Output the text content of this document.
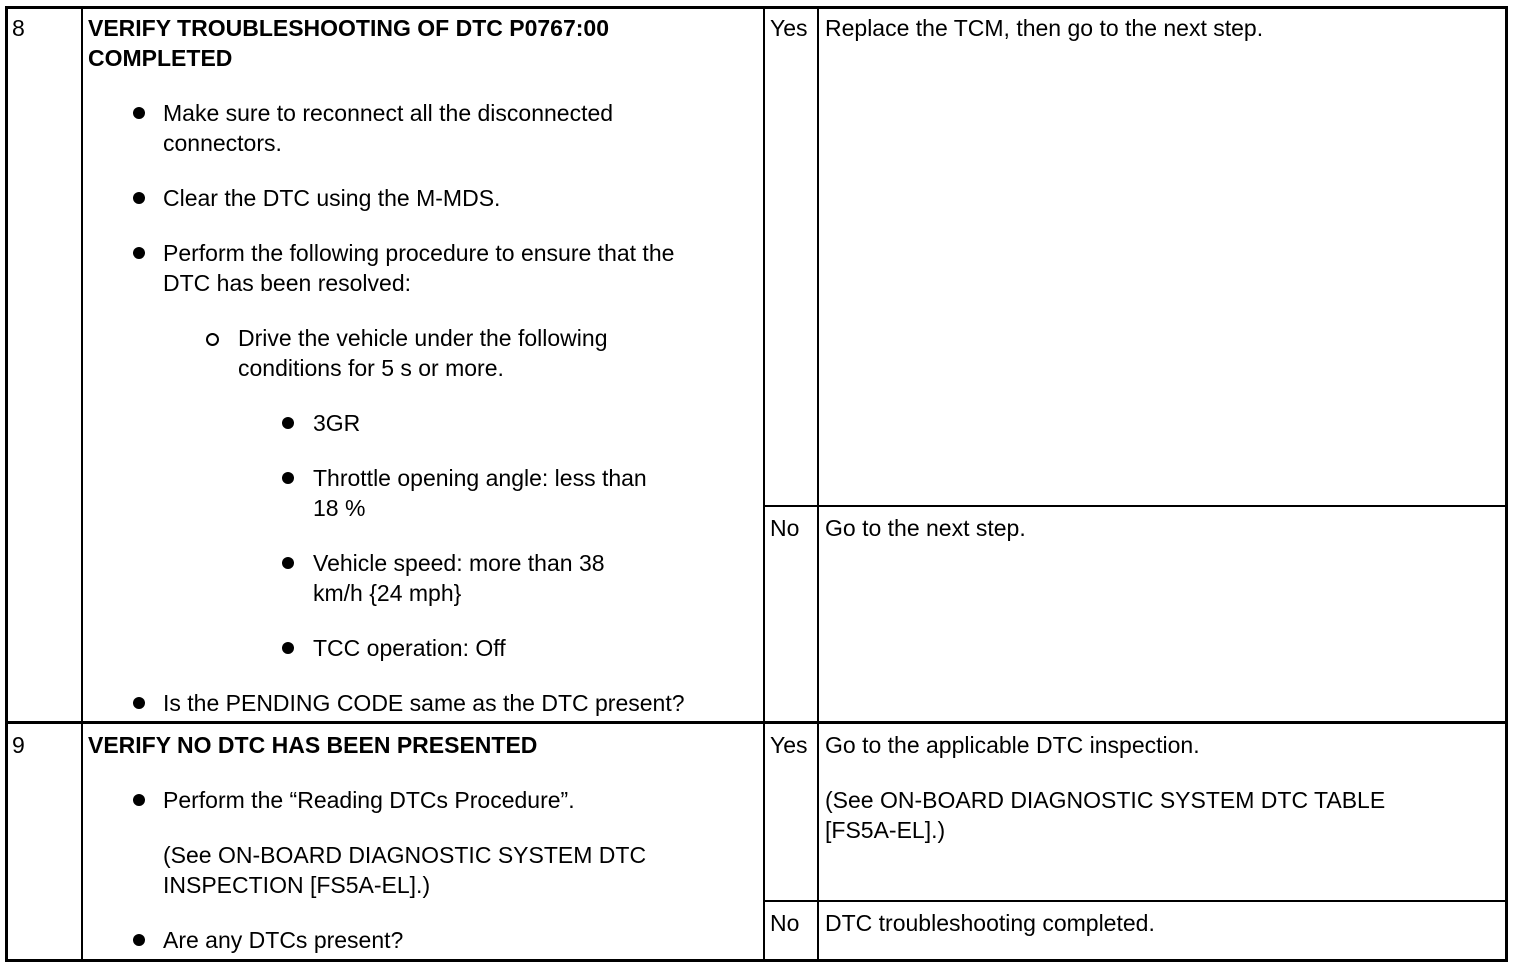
8	VERIFY TROUBLESHOOTING OF DTC P0767:00
COMPLETED
Make sure to reconnect all the disconnected
connectors.
Clear the DTC using the M-MDS.
Perform the following procedure to ensure that the
DTC has been resolved:
Drive the vehicle under the following
conditions for 5 s or more.
3GR
Throttle opening angle: less than
18 %
Vehicle speed: more than 38
km/h {24 mph}
TCC operation: Off
Is the PENDING CODE same as the DTC present?
Yes Replace the TCM, then go to the next step.
No Go to the next step.
9	VERIFY NO DTC HAS BEEN PRESENTED
Perform the “Reading DTCs Procedure”.
(See ON-BOARD DIAGNOSTIC SYSTEM DTC
INSPECTION [FS5A-EL].)
Are any DTCs present?
Yes Go to the applicable DTC inspection.
(See ON-BOARD DIAGNOSTIC SYSTEM DTC TABLE
[FS5A-EL].)
No DTC troubleshooting completed.
